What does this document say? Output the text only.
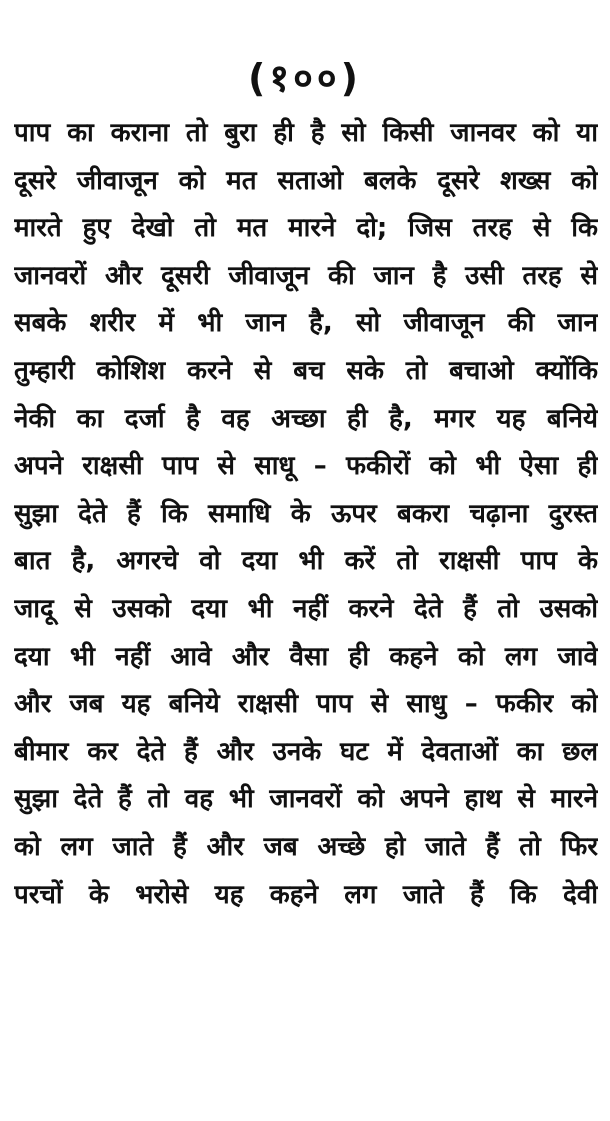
(१००)
पाप का कराना तो बुरा ही है सो किसी जानवर को या
दूसरे जीवाजून को मत सताओ बलके दूसरे शख्स को
मारते हुए देखो तो मत मारने दो; जिस तरह से कि
जानवरों और दूसरी जीवाजून की जान है उसी तरह से
सबके शरीर में भी जान है, सो जीवाजून की जान
तुम्हारी कोशिश करने से बच सके तो बचाओ क्योंकि
नेकी का दर्जा है वह अच्छा ही है, मगर यह बनिये
अपने राक्षसी पाप से साधू – फकीरों को भी ऐसा ही
सुझा देते हैं कि समाधि के ऊपर बकरा चढ़ाना दुरस्त
बात है, अगरचे वो दया भी करें तो राक्षसी पाप के
जादू से उसको दया भी नहीं करने देते हैं तो उसको
दया भी नहीं आवे और वैसा ही कहने को लग जावे
और जब यह बनिये राक्षसी पाप से साधु – फकीर को
बीमार कर देते हैं और उनके घट में देवताओं का छल
सुझा देते हैं तो वह भी जानवरों को अपने हाथ से मारने
को लग जाते हैं और जब अच्छे हो जाते हैं तो फिर
परचों के भरोसे यह कहने लग जाते हैं कि देवी
